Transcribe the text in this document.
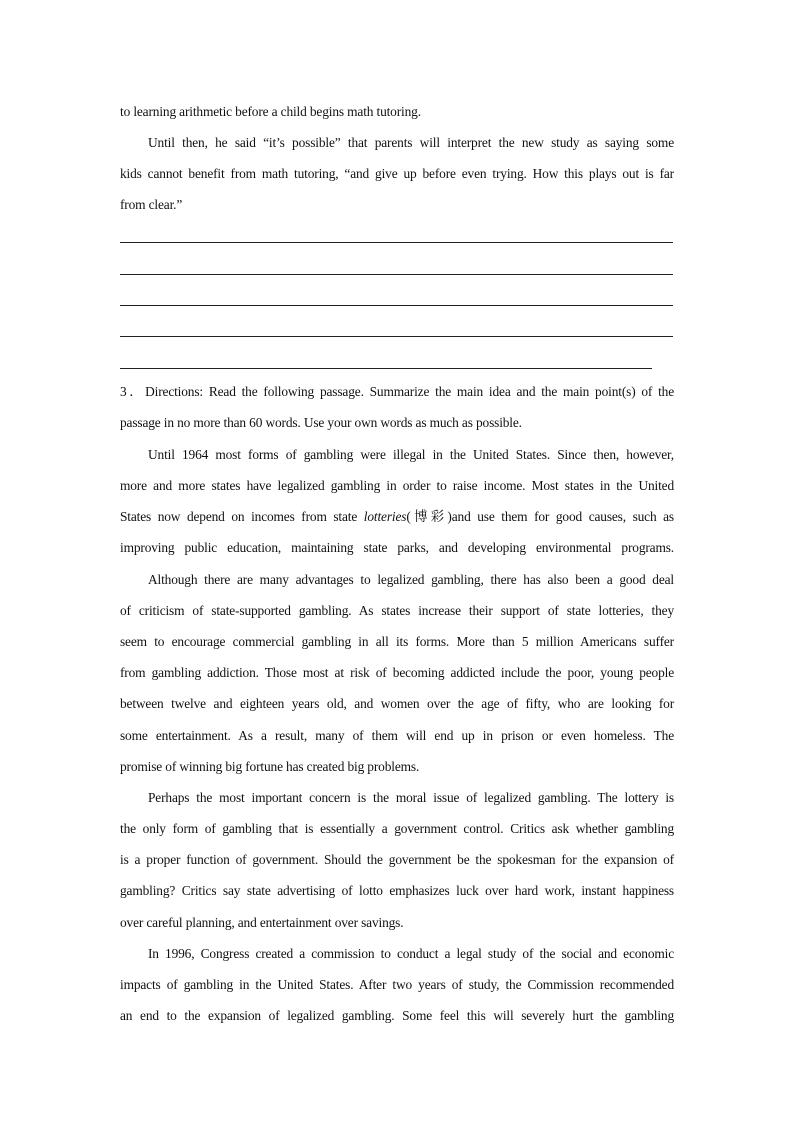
to learning arithmetic before a child begins math tutoring.
Until then, he said “it’s possible” that parents will interpret the new study as saying some
kids cannot benefit from math tutoring, “and give up before even trying. How this plays out is far
from clear.”
3．Directions: Read the following passage. Summarize the main idea and the main point(s) of the
passage in no more than 60 words. Use your own words as much as possible.
Until 1964 most forms of gambling were illegal in the United States. Since then, however,
more and more states have legalized gambling in order to raise income. Most states in the United
States now depend on incomes from state lotteries(博彩)and use them for good causes, such as
improving public education, maintaining state parks, and developing environmental programs.
Although there are many advantages to legalized gambling, there has also been a good deal
of criticism of state-supported gambling. As states increase their support of state lotteries, they
seem to encourage commercial gambling in all its forms. More than 5 million Americans suffer
from gambling addiction. Those most at risk of becoming addicted include the poor, young people
between twelve and eighteen years old, and women over the age of fifty, who are looking for
some entertainment. As a result, many of them will end up in prison or even homeless. The
promise of winning big fortune has created big problems.
Perhaps the most important concern is the moral issue of legalized gambling. The lottery is
the only form of gambling that is essentially a government control. Critics ask whether gambling
is a proper function of government. Should the government be the spokesman for the expansion of
gambling? Critics say state advertising of lotto emphasizes luck over hard work, instant happiness
over careful planning, and entertainment over savings.
In 1996, Congress created a commission to conduct a legal study of the social and economic
impacts of gambling in the United States. After two years of study, the Commission recommended
an end to the expansion of legalized gambling. Some feel this will severely hurt the gambling
